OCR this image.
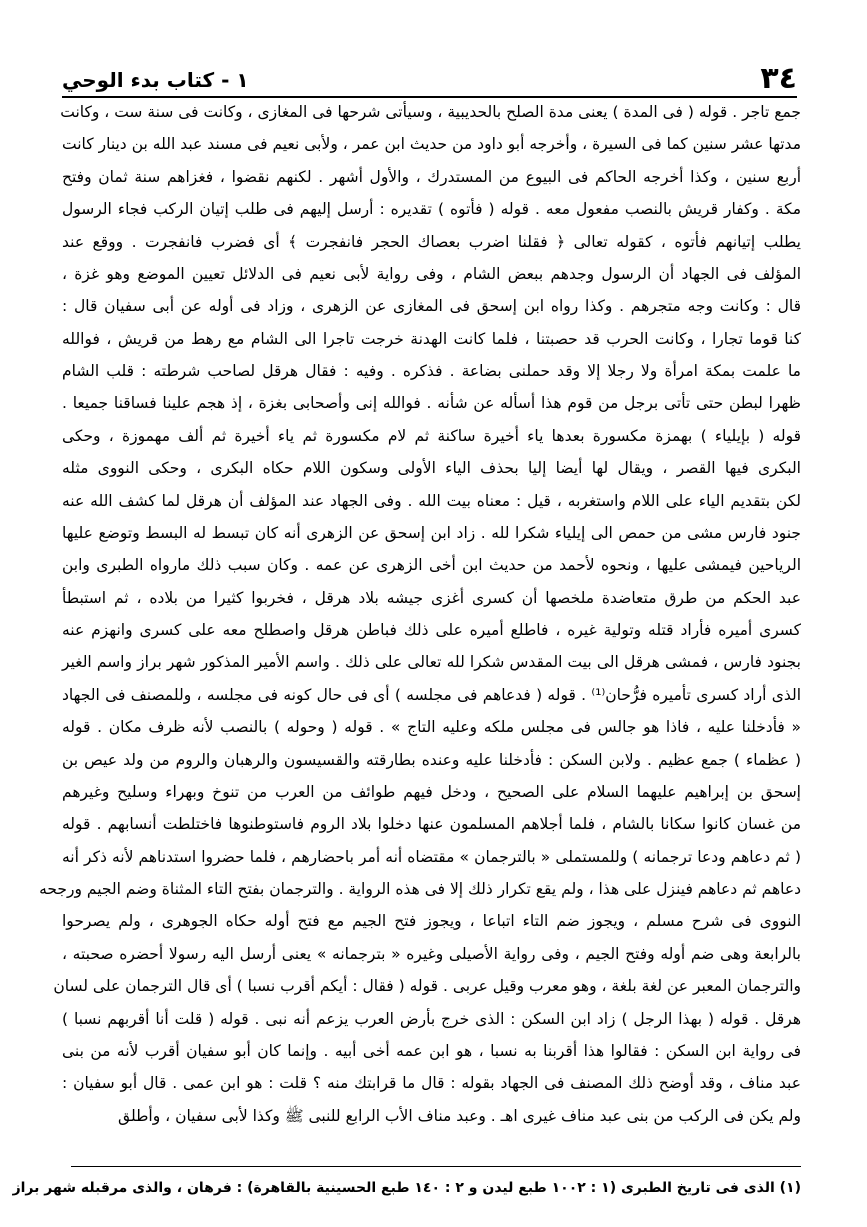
٣٤
١ - كتاب بدء الوحي
جمع تاجر . قوله ( فى المدة ) يعنى مدة الصلح بالحديبية ، وسيأتى شرحها فى المغازى ، وكانت فى سنة ست ، وكانت
مدتها عشر سنين كما فى السيرة ، وأخرجه أبو داود من حديث ابن عمر ، ولأبى نعيم فى مسند عبد الله بن دينار كانت
أربع سنين ، وكذا أخرجه الحاكم فى البيوع من المستدرك ، والأول أشهر . لكنهم نقضوا ، فغزاهم سنة ثمان وفتح
مكة . وكفار قريش بالنصب مفعول معه . قوله ( فأتوه ) تقديره : أرسل إليهم فى طلب إتيان الركب فجاء الرسول
يطلب إتيانهم فأتوه ، كقوله تعالى ﴿ فقلنا اضرب بعصاك الحجر فانفجرت ﴾ أى فضرب فانفجرت . ووقع عند
المؤلف فى الجهاد أن الرسول وجدهم ببعض الشام ، وفى رواية لأبى نعيم فى الدلائل تعيين الموضع وهو غزة ،
قال : وكانت وجه متجرهم . وكذا رواه ابن إسحق فى المغازى عن الزهرى ، وزاد فى أوله عن أبى سفيان قال :
كنا قوما تجارا ، وكانت الحرب قد حصبتنا ، فلما كانت الهدنة خرجت تاجرا الى الشام مع رهط من قريش ، فوالله
ما علمت بمكة امرأة ولا رجلا إلا وقد حملنى بضاعة . فذكره . وفيه : فقال هرقل لصاحب شرطته : قلب الشام
ظهرا لبطن حتى تأتى برجل من قوم هذا أسأله عن شأنه . فوالله إنى وأصحابى بغزة ، إذ هجم علينا فساقنا جميعا .
قوله ( بإيلياء ) بهمزة مكسورة بعدها ياء أخيرة ساكنة ثم لام مكسورة ثم ياء أخيرة ثم ألف مهموزة ، وحكى
البكرى فيها القصر ، ويقال لها أيضا إليا بحذف الياء الأولى وسكون اللام حكاه البكرى ، وحكى النووى مثله
لكن بتقديم الياء على اللام واستغربه ، قيل : معناه بيت الله . وفى الجهاد عند المؤلف أن هرقل لما كشف الله عنه
جنود فارس مشى من حمص الى إيلياء شكرا لله . زاد ابن إسحق عن الزهرى أنه كان تبسط له البسط وتوضع عليها
الرياحين فيمشى عليها ، ونحوه لأحمد من حديث ابن أخى الزهرى عن عمه . وكان سبب ذلك مارواه الطبرى وابن
عبد الحكم من طرق متعاضدة ملخصها أن كسرى أغزى جيشه بلاد هرقل ، فخربوا كثيرا من بلاده ، ثم استبطأ
كسرى أميره فأراد قتله وتولية غيره ، فاطلع أميره على ذلك فباطن هرقل واصطلح معه على كسرى وانهزم عنه
بجنود فارس ، فمشى هرقل الى بيت المقدس شكرا لله تعالى على ذلك . واسم الأمير المذكور شهر براز واسم الغير
الذى أراد كسرى تأميره فرُّحان⁽¹⁾ . قوله ( فدعاهم فى مجلسه ) أى فى حال كونه فى مجلسه ، وللمصنف فى الجهاد
« فأدخلنا عليه ، فاذا هو جالس فى مجلس ملكه وعليه التاج » . قوله ( وحوله ) بالنصب لأنه ظرف مكان . قوله
( عظماء ) جمع عظيم . ولابن السكن : فأدخلنا عليه وعنده بطارقته والقسيسون والرهبان والروم من ولد عيص بن
إسحق بن إبراهيم عليهما السلام على الصحيح ، ودخل فيهم طوائف من العرب من تنوخ وبهراء وسليح وغيرهم
من غسان كانوا سكانا بالشام ، فلما أجلاهم المسلمون عنها دخلوا بلاد الروم فاستوطنوها فاختلطت أنسابهم . قوله
( ثم دعاهم ودعا ترجمانه ) وللمستملى « بالترجمان » مقتضاه أنه أمر باحضارهم ، فلما حضروا استدناهم لأنه ذكر أنه
دعاهم ثم دعاهم فينزل على هذا ، ولم يقع تكرار ذلك إلا فى هذه الرواية . والترجمان بفتح التاء المثناة وضم الجيم ورجحه
النووى فى شرح مسلم ، ويجوز ضم التاء اتباعا ، ويجوز فتح الجيم مع فتح أوله حكاه الجوهرى ، ولم يصرحوا
بالرابعة وهى ضم أوله وفتح الجيم ، وفى رواية الأصيلى وغيره « بترجمانه » يعنى أرسل اليه رسولا أحضره صحبته ،
والترجمان المعبر عن لغة بلغة ، وهو معرب وقيل عربى . قوله ( فقال : أيكم أقرب نسبا ) أى قال الترجمان على لسان
هرقل . قوله ( بهذا الرجل ) زاد ابن السكن : الذى خرج بأرض العرب يزعم أنه نبى . قوله ( قلت أنا أقربهم نسبا )
فى رواية ابن السكن : فقالوا هذا أقربنا به نسبا ، هو ابن عمه أخى أبيه . وإنما كان أبو سفيان أقرب لأنه من بنى
عبد مناف ، وقد أوضح ذلك المصنف فى الجهاد بقوله : قال ما قرابتك منه ؟ قلت : هو ابن عمى . قال أبو سفيان :
ولم يكن فى الركب من بنى عبد مناف غيرى اهـ . وعبد مناف الأب الرابع للنبى ﷺ وكذا لأبى سفيان ، وأطلق
(١) الذى فى تاريخ الطبرى (١ : ١٠٠٢ طبع ليدن و ٢ : ١٤٠ طبع الحسينية بالقاهرة) : فرهان ، والذى مرقبله شهر براز
